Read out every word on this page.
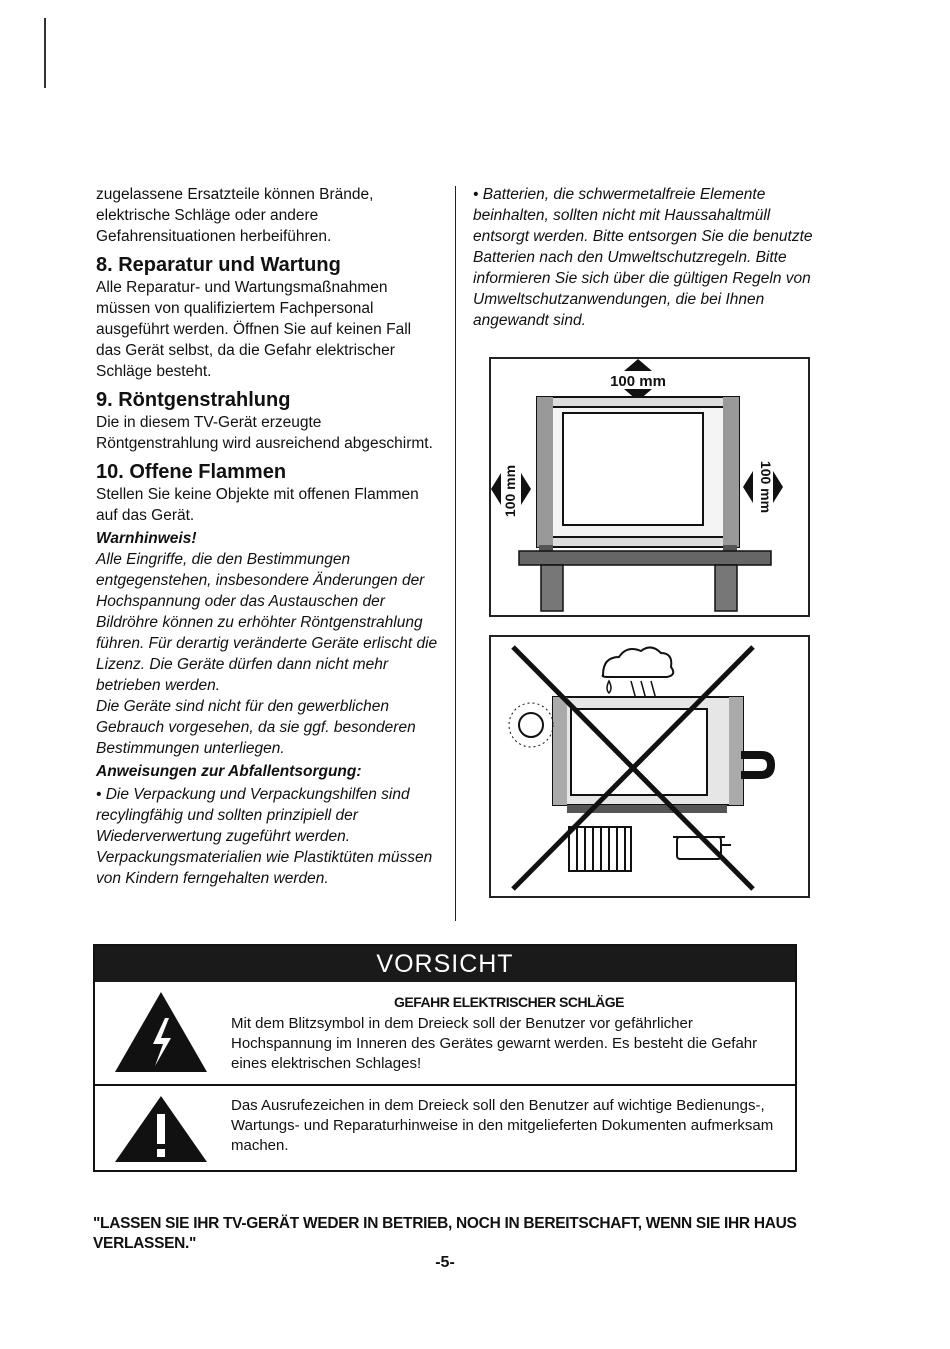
zugelassene Ersatzteile können Brände, elektrische Schläge oder andere Gefahrensituationen herbeiführen.

8. Reparatur und Wartung

Alle Reparatur- und Wartungsmaßnahmen müssen von qualifiziertem Fachpersonal ausgeführt werden. Öffnen Sie auf keinen Fall das Gerät selbst, da die Gefahr elektrischer Schläge besteht.

9. Röntgenstrahlung

Die in diesem TV-Gerät erzeugte Röntgenstrahlung wird ausreichend abgeschirmt.

10. Offene Flammen

Stellen Sie keine Objekte mit offenen Flammen auf das Gerät.

Warnhinweis!

Alle Eingriffe, die den Bestimmungen entgegenstehen, insbesondere Änderungen der Hochspannung oder das Austauschen der Bildröhre können zu erhöhter Röntgenstrahlung führen. Für derartig veränderte Geräte erlischt die Lizenz. Die Geräte dürfen dann nicht mehr betrieben werden.

Die Geräte sind nicht für den gewerblichen Gebrauch vorgesehen, da sie ggf. besonderen Bestimmungen unterliegen.

Anweisungen zur Abfallentsorgung:

• Die Verpackung und Verpackungshilfen sind recylingfähig und sollten prinzipiell der Wiederverwertung zugeführt werden. Verpackungsmaterialien wie Plastiktüten müssen von Kindern ferngehalten werden.

• Batterien, die schwermetalfreie Elemente beinhalten, sollten nicht mit Haussahaltmüll entsorgt werden. Bitte entsorgen Sie die benutzte Batterien nach den Umweltschutzregeln. Bitte informieren Sie sich über die gültigen Regeln von Umweltschutzanwendungen, die bei Ihnen angewandt sind.

100 mm
100 mm	100 mm
VORSICHT
GEFAHR ELEKTRISCHER SCHLÄGE
Mit dem Blitzsymbol in dem Dreieck soll der Benutzer vor gefährlicher Hochspannung im Inneren des Gerätes gewarnt werden. Es besteht die Gefahr eines elektrischen Schlages!
Das Ausrufezeichen in dem Dreieck soll den Benutzer auf wichtige Bedienungs-, Wartungs- und Reparaturhinweise in den mitgelieferten Dokumenten aufmerksam machen.
"LASSEN SIE IHR TV-GERÄT WEDER IN BETRIEB, NOCH IN BEREITSCHAFT, WENN SIE IHR HAUS VERLASSEN."
-5-
